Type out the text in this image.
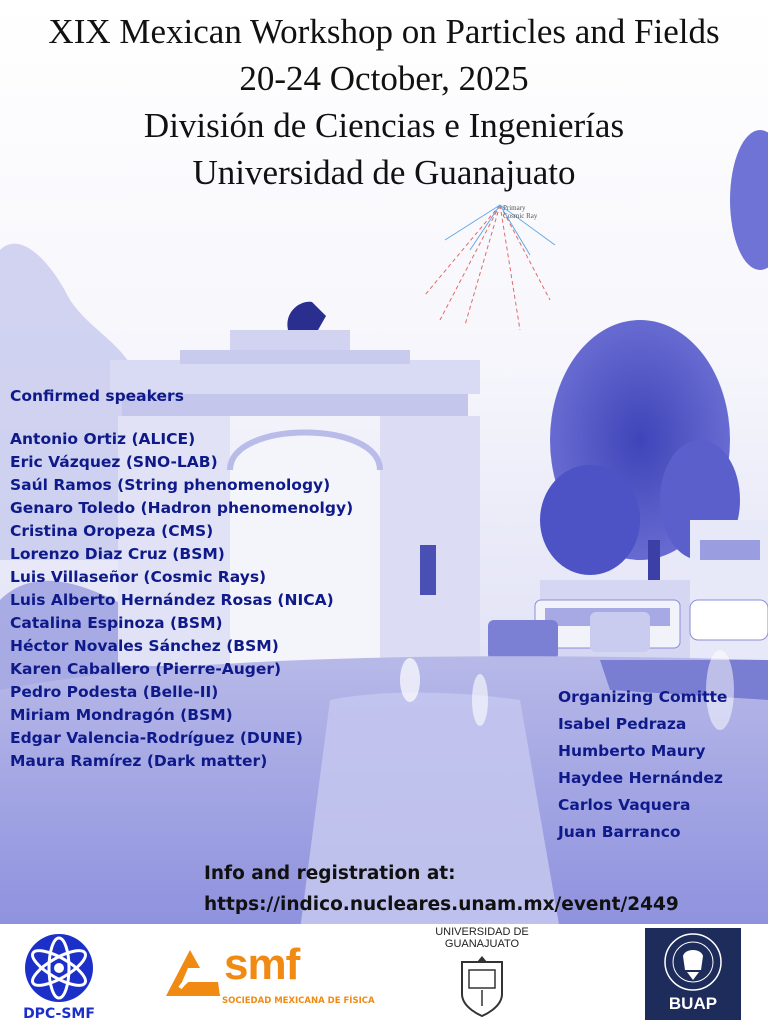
Primary
Cosmic Ray
XIX Mexican Workshop on Particles and Fields
20-24 October, 2025
División de Ciencias e Ingenierías
Universidad de Guanajuato
Confirmed speakers
Antonio Ortiz (ALICE)
Eric Vázquez (SNO-LAB)
Saúl Ramos (String phenomenology)
Genaro Toledo (Hadron phenomenolgy)
Cristina Oropeza (CMS)
Lorenzo Diaz Cruz (BSM)
Luis Villaseñor (Cosmic Rays)
Luis Alberto Hernández Rosas (NICA)
Catalina Espinoza (BSM)
Héctor Novales Sánchez (BSM)
Karen Caballero (Pierre-Auger)
Pedro Podesta (Belle-II)
Miriam Mondragón (BSM)
Edgar Valencia-Rodríguez (DUNE)
Maura Ramírez (Dark matter)
Organizing Comitte
Isabel Pedraza
Humberto Maury
Haydee Hernández
Carlos Vaquera
Juan Barranco
Info and registration at:
https://indico.nucleares.unam.mx/event/2449
DPC-SMF
smf
SOCIEDAD MEXICANA DE FÍSICA
UNIVERSIDAD DE
GUANAJUATO
BUAP
